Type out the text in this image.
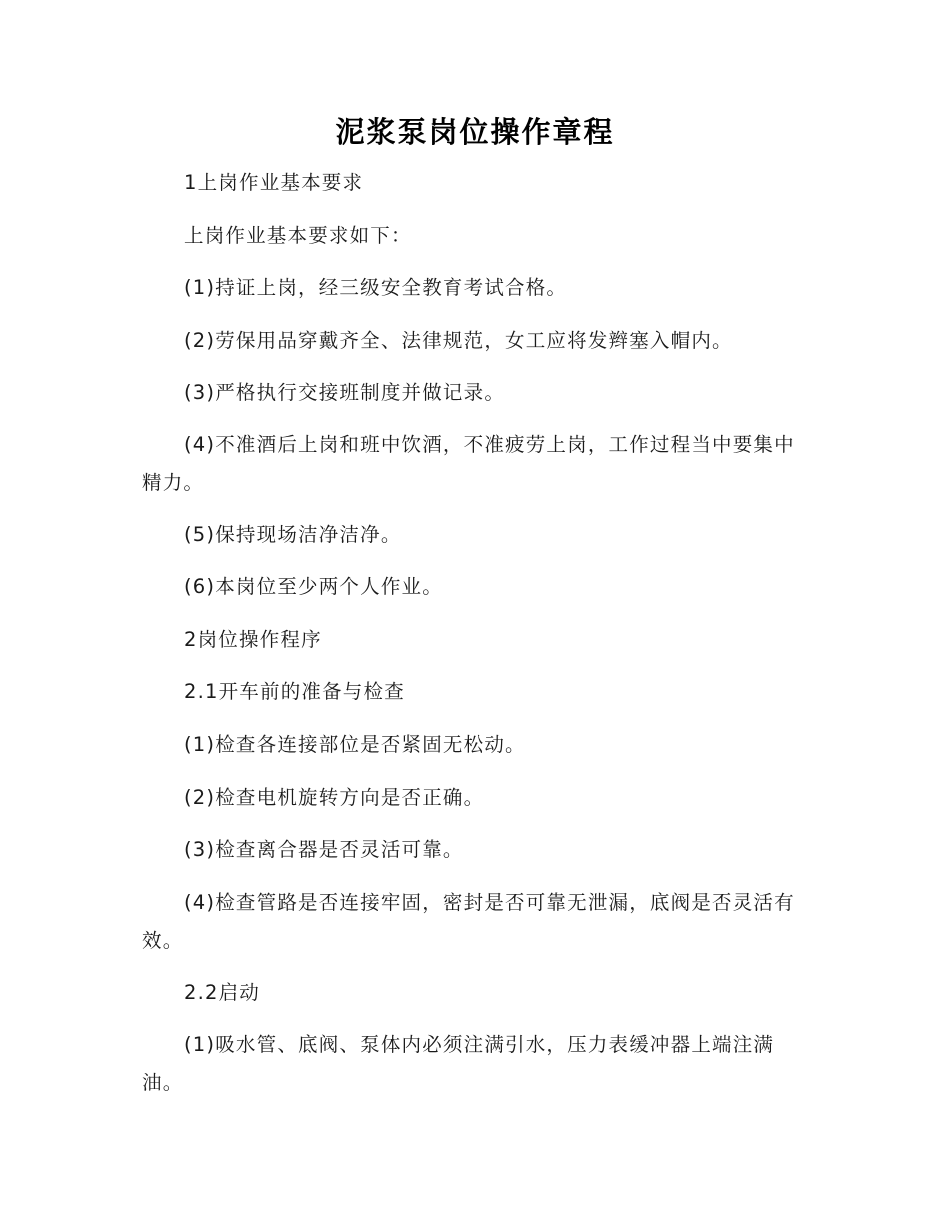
泥浆泵岗位操作章程
1上岗作业基本要求
上岗作业基本要求如下：
(1)持证上岗，经三级安全教育考试合格。
(2)劳保用品穿戴齐全、法律规范，女工应将发辫塞入帽内。
(3)严格执行交接班制度并做记录。
(4)不准酒后上岗和班中饮酒，不准疲劳上岗，工作过程当中要集中精力。
(5)保持现场洁净洁净。
(6)本岗位至少两个人作业。
2岗位操作程序
2.1开车前的准备与检查
(1)检查各连接部位是否紧固无松动。
(2)检查电机旋转方向是否正确。
(3)检查离合器是否灵活可靠。
(4)检查管路是否连接牢固，密封是否可靠无泄漏，底阀是否灵活有效。
2.2启动
(1)吸水管、底阀、泵体内必须注满引水，压力表缓冲器上端注满油。
